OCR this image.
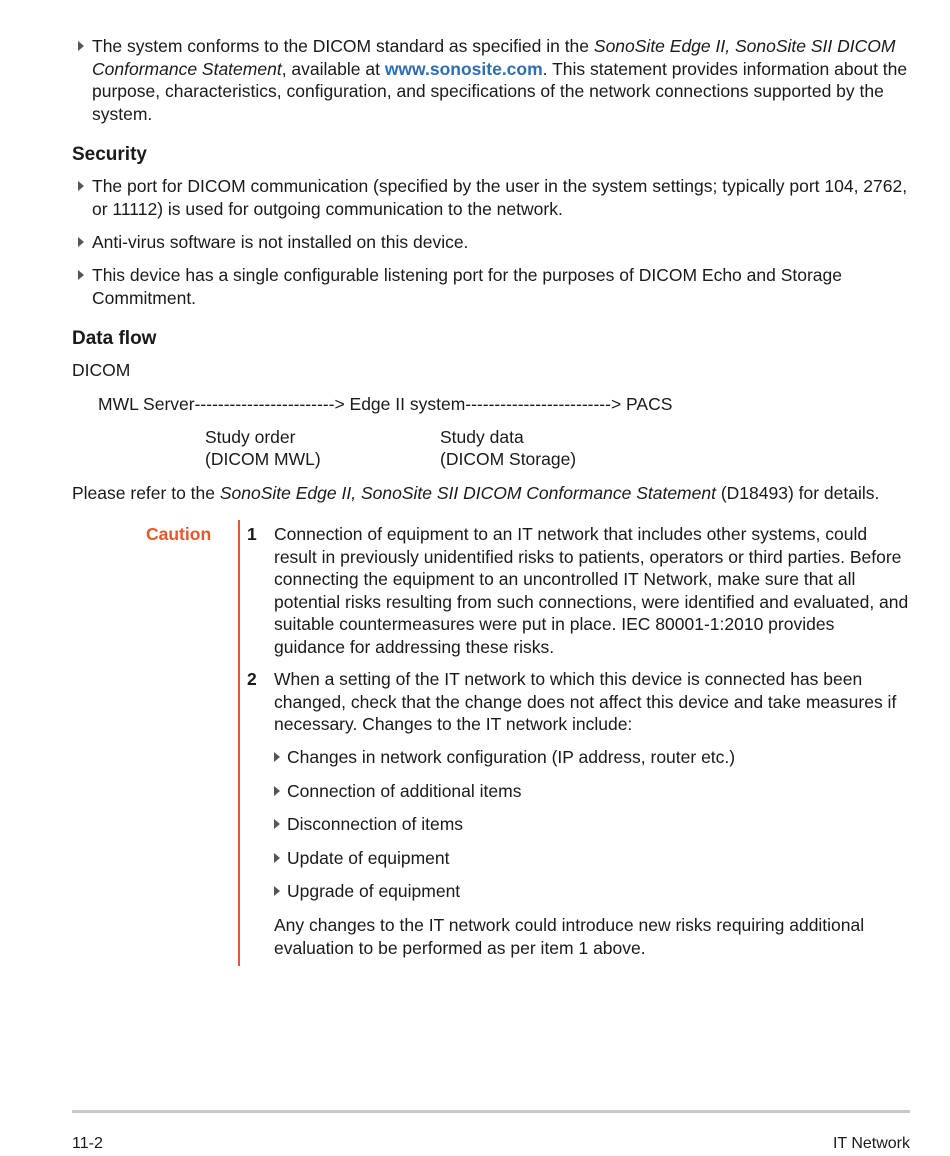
The system conforms to the DICOM standard as specified in the SonoSite Edge II, SonoSite SII DICOM Conformance Statement, available at www.sonosite.com. This statement provides information about the purpose, characteristics, configuration, and specifications of the network connections supported by the system.
Security
The port for DICOM communication (specified by the user in the system settings; typically port 104, 2762, or 11112) is used for outgoing communication to the network.
Anti-virus software is not installed on this device.
This device has a single configurable listening port for the purposes of DICOM Echo and Storage Commitment.
Data flow
DICOM
MWL Server------------------------> Edge II system-------------------------> PACS
Study order
(DICOM MWL)
Study data
(DICOM Storage)
Please refer to the SonoSite Edge II, SonoSite SII DICOM Conformance Statement (D18493) for details.
Caution 1 Connection of equipment to an IT network that includes other systems, could result in previously unidentified risks to patients, operators or third parties. Before connecting the equipment to an uncontrolled IT Network, make sure that all potential risks resulting from such connections, were identified and evaluated, and suitable countermeasures were put in place. IEC 80001-1:2010 provides guidance for addressing these risks.
2 When a setting of the IT network to which this device is connected has been changed, check that the change does not affect this device and take measures if necessary. Changes to the IT network include:
Changes in network configuration (IP address, router etc.)
Connection of additional items
Disconnection of items
Update of equipment
Upgrade of equipment
Any changes to the IT network could introduce new risks requiring additional evaluation to be performed as per item 1 above.
11-2	IT Network
